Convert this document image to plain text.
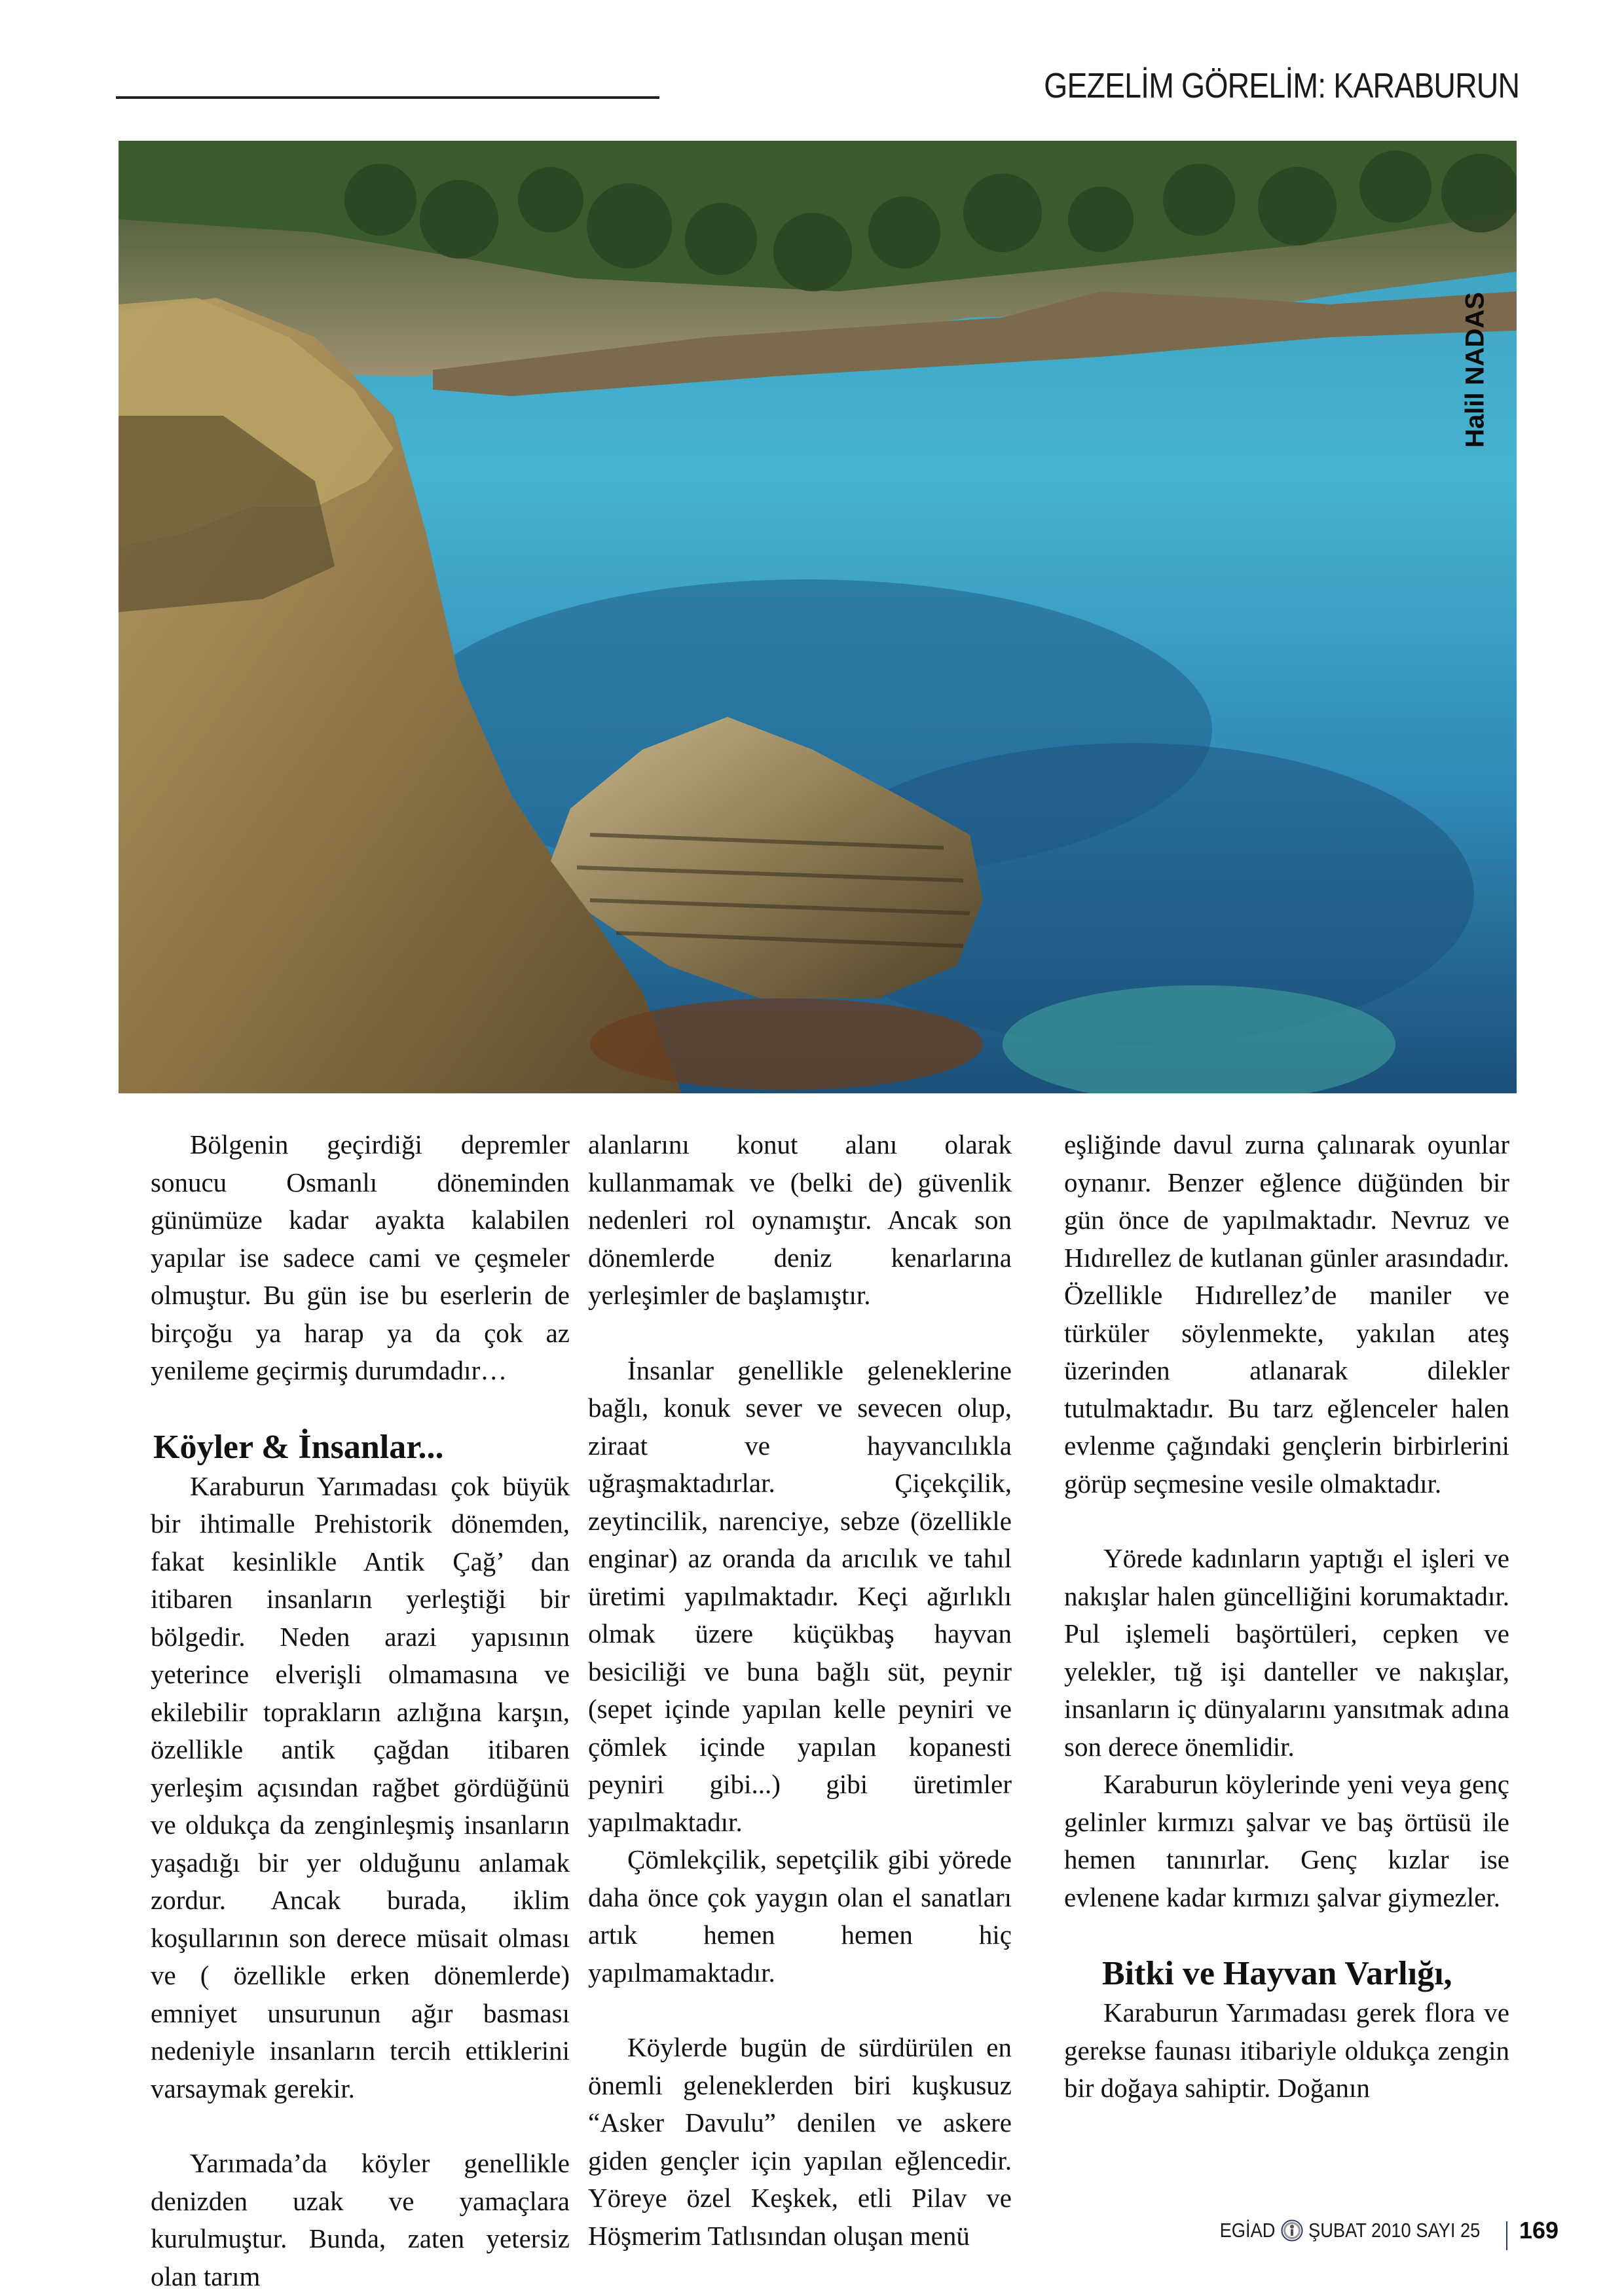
GEZELİM GÖRELİM: KARABURUN
Halil NADAS

Bölgenin geçirdiği depremler sonucu Osmanlı döneminden günümüze kadar ayakta kalabilen yapılar ise sadece cami ve çeşmeler olmuştur. Bu gün ise bu eserlerin de birçoğu ya harap ya da çok az yenileme geçirmiş durumdadır…

Köyler & İnsanlar...

Karaburun Yarımadası çok büyük bir ihtimalle Prehistorik dönemden, fakat kesinlikle Antik Çağ’ dan itibaren insanların yerleştiği bir bölgedir. Neden arazi yapısının yeterince elverişli olmamasına ve ekilebilir toprakların azlığına karşın, özellikle antik çağdan itibaren yerleşim açısından rağbet gördüğünü ve oldukça da zenginleşmiş insanların yaşadığı bir yer olduğunu anlamak zordur. Ancak burada, iklim koşullarının son derece müsait olması ve ( özellikle erken dönemlerde) emniyet unsurunun ağır basması nedeniyle insanların tercih ettiklerini varsaymak gerekir.

Yarımada’da köyler genellikle denizden uzak ve yamaçlara kurulmuştur. Bunda, zaten yetersiz olan tarım

alanlarını konut alanı olarak kullanmamak ve (belki de) güvenlik nedenleri rol oynamıştır. Ancak son dönemlerde deniz kenarlarına yerleşimler de başlamıştır.

İnsanlar genellikle geleneklerine bağlı, konuk sever ve sevecen olup, ziraat ve hayvancılıkla uğraşmaktadırlar. Çiçekçilik, zeytincilik, narenciye, sebze (özellikle enginar) az oranda da arıcılık ve tahıl üretimi yapılmaktadır. Keçi ağırlıklı olmak üzere küçükbaş hayvan besiciliği ve buna bağlı süt, peynir (sepet içinde yapılan kelle peyniri ve çömlek içinde yapılan kopanesti peyniri gibi...) gibi üretimler yapılmaktadır.

Çömlekçilik, sepetçilik gibi yörede daha önce çok yaygın olan el sanatları artık hemen hemen hiç yapılmamaktadır.

Köylerde bugün de sürdürülen en önemli geleneklerden biri kuşkusuz “Asker Davulu” denilen ve askere giden gençler için yapılan eğlencedir. Yöreye özel Keşkek, etli Pilav ve Höşmerim Tatlısından oluşan menü

eşliğinde davul zurna çalınarak oyunlar oynanır. Benzer eğlence düğünden bir gün önce de yapılmaktadır. Nevruz ve Hıdırellez de kutlanan günler arasındadır. Özellikle Hıdırellez’de maniler ve türküler söylenmekte, yakılan ateş üzerinden atlanarak dilekler tutulmaktadır. Bu tarz eğlenceler halen evlenme çağındaki gençlerin birbirlerini görüp seçmesine vesile olmaktadır.

Yörede kadınların yaptığı el işleri ve nakışlar halen güncelliğini korumaktadır. Pul işlemeli başörtüleri, cepken ve yelekler, tığ işi danteller ve nakışlar, insanların iç dünyalarını yansıtmak adına son derece önemlidir.

Karaburun köylerinde yeni veya genç gelinler kırmızı şalvar ve baş örtüsü ile hemen tanınırlar. Genç kızlar ise evlenene kadar kırmızı şalvar giymezler.

Bitki ve Hayvan Varlığı,

Karaburun Yarımadası gerek flora ve gerekse faunası itibariyle oldukça zengin bir doğaya sahiptir. Doğanın

EGİAD ŞUBAT 2010 SAYI 25 169
